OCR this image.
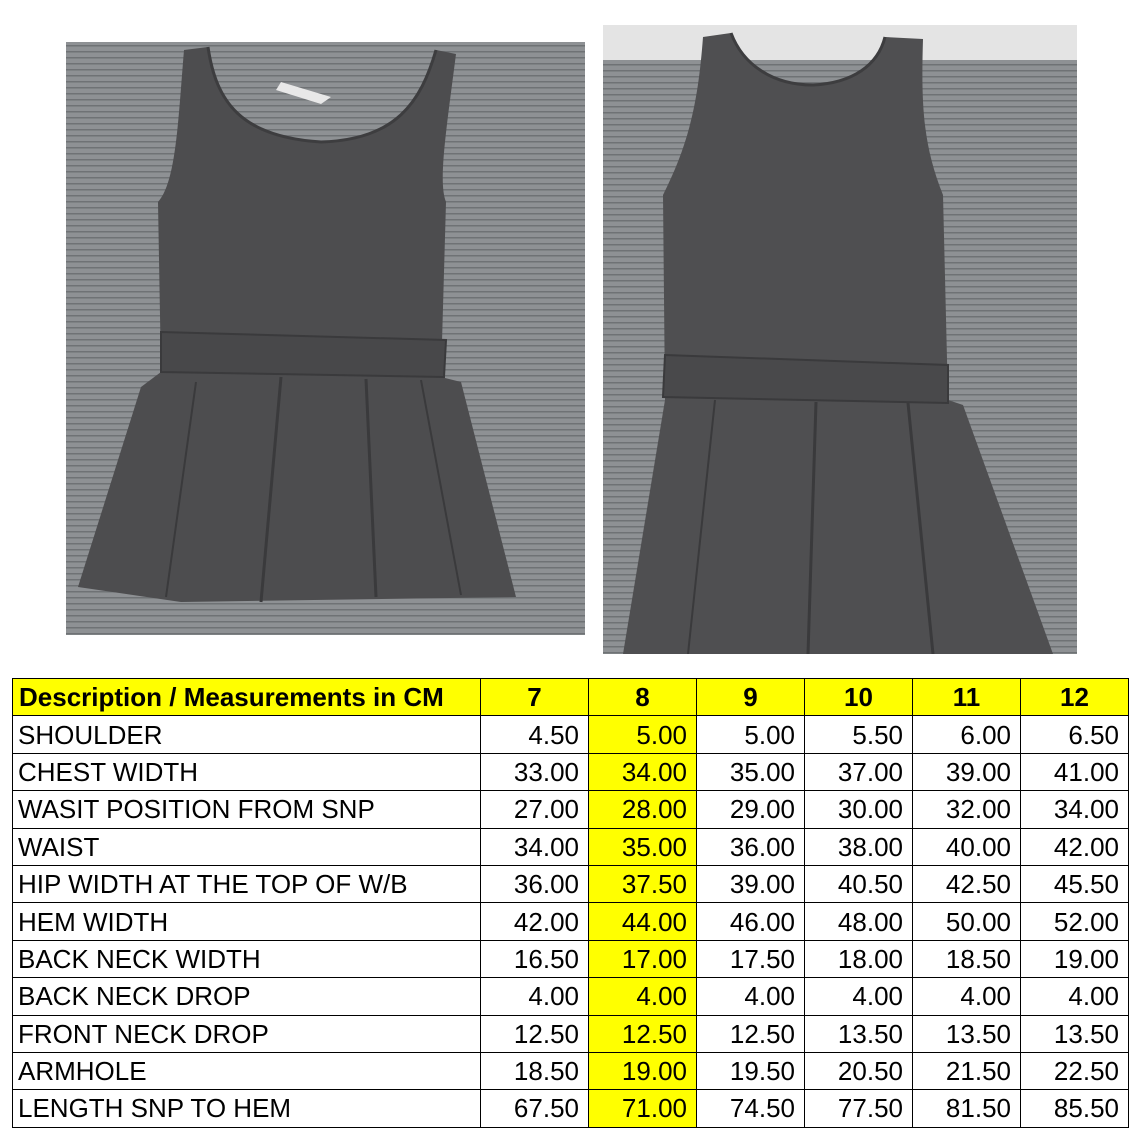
Description / Measurements in CM	7	8	9	10	11	12
SHOULDER	4.50	5.00	5.00	5.50	6.00	6.50
CHEST WIDTH	33.00	34.00	35.00	37.00	39.00	41.00
WASIT POSITION FROM SNP	27.00	28.00	29.00	30.00	32.00	34.00
WAIST	34.00	35.00	36.00	38.00	40.00	42.00
HIP WIDTH AT THE TOP OF W/B	36.00	37.50	39.00	40.50	42.50	45.50
HEM WIDTH	42.00	44.00	46.00	48.00	50.00	52.00
BACK NECK WIDTH	16.50	17.00	17.50	18.00	18.50	19.00
BACK NECK DROP	4.00	4.00	4.00	4.00	4.00	4.00
FRONT NECK DROP	12.50	12.50	12.50	13.50	13.50	13.50
ARMHOLE	18.50	19.00	19.50	20.50	21.50	22.50
LENGTH SNP TO HEM	67.50	71.00	74.50	77.50	81.50	85.50
